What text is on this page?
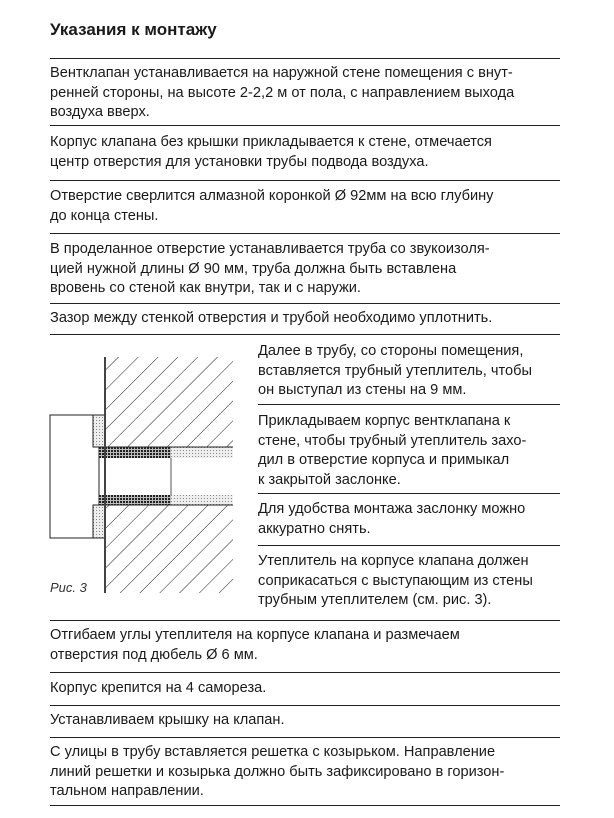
Указания к монтажу
Вентклапан устанавливается на наружной стене помещения с внут-
ренней стороны, на высоте 2-2,2 м от пола, с направлением выхода
воздуха вверх.
Корпус клапана без крышки прикладывается к стене, отмечается
центр отверстия для установки трубы подвода воздуха.
Отверстие сверлится алмазной коронкой Ø 92мм на всю глубину
до конца стены.
В проделанное отверстие устанавливается труба со звукоизоля-
цией нужной длины Ø 90 мм, труба должна быть вставлена
вровень со стеной как внутри, так и с наружи.
Зазор между стенкой отверстия и трубой необходимо уплотнить.
Далее в трубу, со стороны помещения,
вставляется трубный утеплитель, чтобы
он выступал из стены на 9 мм.
Прикладываем корпус вентклапана к
стене, чтобы трубный утеплитель захо-
дил в отверстие корпуса и примыкал
к закрытой заслонке.
Для удобства монтажа заслонку можно
аккуратно снять.
Утеплитель на корпусе клапана должен
соприкасаться с выступающим из стены
трубным утеплителем (см. рис. 3).
Рис. 3
Отгибаем углы утеплителя на корпусе клапана и размечаем
отверстия под дюбель Ø 6 мм.
Корпус крепится на 4 самореза.
Устанавливаем крышку на клапан.
С улицы в трубу вставляется решетка с козырьком. Направление
линий решетки и козырька должно быть зафиксировано в горизон-
тальном направлении.
